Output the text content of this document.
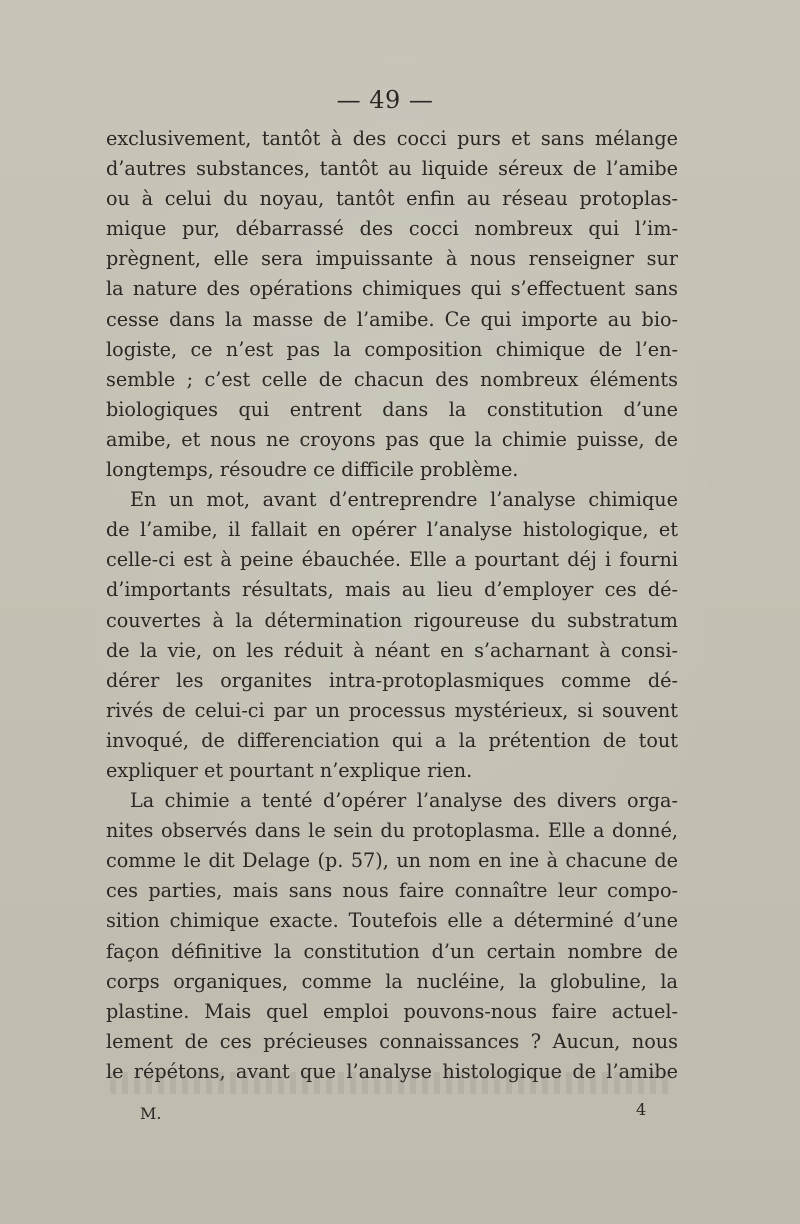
— 49 —
exclusivement, tantôt à des cocci purs et sans mélange
d’autres substances, tantôt au liquide séreux de l’amibe
ou à celui du noyau, tantôt enfin au réseau protoplas-
mique pur, débarrassé des cocci nombreux qui l’im-
prègnent, elle sera impuissante à nous renseigner sur
la nature des opérations chimiques qui s’effectuent sans
cesse dans la masse de l’amibe. Ce qui importe au bio-
logiste, ce n’est pas la composition chimique de l’en-
semble ; c’est celle de chacun des nombreux éléments
biologiques qui entrent dans la constitution d’une
amibe, et nous ne croyons pas que la chimie puisse, de
longtemps, résoudre ce difficile problème.
En un mot, avant d’entreprendre l’analyse chimique
de l’amibe, il fallait en opérer l’analyse histologique, et
celle-ci est à peine ébauchée. Elle a pourtant déj i fourni
d’importants résultats, mais au lieu d’employer ces dé-
couvertes à la détermination rigoureuse du substratum
de la vie, on les réduit à néant en s’acharnant à consi-
dérer les organites intra-protoplasmiques comme dé-
rivés de celui-ci par un processus mystérieux, si souvent
invoqué, de differenciation qui a la prétention de tout
expliquer et pourtant n’explique rien.
La chimie a tenté d’opérer l’analyse des divers orga-
nites observés dans le sein du protoplasma. Elle a donné,
comme le dit Delage (p. 57), un nom en ine à chacune de
ces parties, mais sans nous faire connaître leur compo-
sition chimique exacte. Toutefois elle a déterminé d’une
façon définitive la constitution d’un certain nombre de
corps organiques, comme la nucléine, la globuline, la
plastine. Mais quel emploi pouvons-nous faire actuel-
lement de ces précieuses connaissances ? Aucun, nous
le répétons, avant que l’analyse histologique de l’amibe
M.	4
